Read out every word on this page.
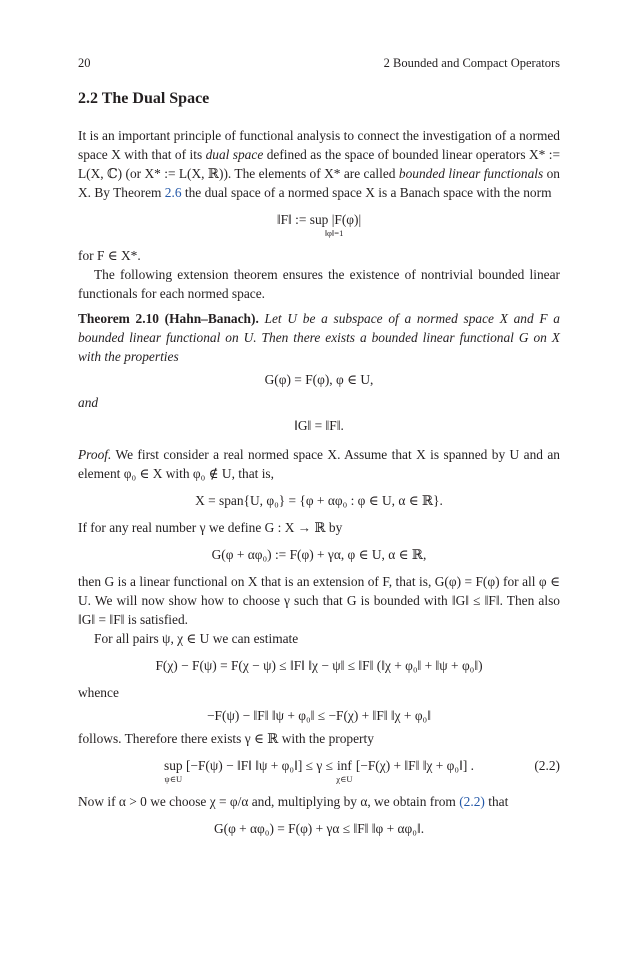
20	2 Bounded and Compact Operators
2.2 The Dual Space

It is an important principle of functional analysis to connect the investigation of a normed space X with that of its dual space defined as the space of bounded linear operators X* := L(X, ℂ) (or X* := L(X, ℝ)). The elements of X* are called bounded linear functionals on X. By Theorem 2.6 the dual space of a normed space X is a Banach space with the norm

‖F‖ := sup |F(φ)|
‖φ‖=1

for F ∈ X*.

The following extension theorem ensures the existence of nontrivial bounded linear functionals for each normed space.

Theorem 2.10 (Hahn–Banach). Let U be a subspace of a normed space X and F a bounded linear functional on U. Then there exists a bounded linear functional G on X with the properties

G(φ) = F(φ), φ ∈ U,

and

‖G‖ = ‖F‖.

Proof. We first consider a real normed space X. Assume that X is spanned by U and an element φ₀ ∈ X with φ₀ ∉ U, that is,

X = span{U, φ₀} = {φ + αφ₀ : φ ∈ U, α ∈ ℝ}.

If for any real number γ we define G : X → ℝ by

G(φ + αφ₀) := F(φ) + γα, φ ∈ U, α ∈ ℝ,

then G is a linear functional on X that is an extension of F, that is, G(φ) = F(φ) for all φ ∈ U. We will now show how to choose γ such that G is bounded with ‖G‖ ≤ ‖F‖. Then also ‖G‖ = ‖F‖ is satisfied.

For all pairs ψ, χ ∈ U we can estimate

F(χ) − F(ψ) = F(χ − ψ) ≤ ‖F‖ ‖χ − ψ‖ ≤ ‖F‖ (‖χ + φ₀‖ + ‖ψ + φ₀‖)

whence

−F(ψ) − ‖F‖ ‖ψ + φ₀‖ ≤ −F(χ) + ‖F‖ ‖χ + φ₀‖

follows. Therefore there exists γ ∈ ℝ with the property

sup
ψ∈U
[−F(ψ) − ‖F‖ ‖ψ + φ₀‖] ≤ γ ≤ inf
χ∈U
[−F(χ) + ‖F‖ ‖χ + φ₀‖] .	(2.2)

Now if α > 0 we choose χ = φ/α and, multiplying by α, we obtain from (2.2) that

G(φ + αφ₀) = F(φ) + γα ≤ ‖F‖ ‖φ + αφ₀‖.
